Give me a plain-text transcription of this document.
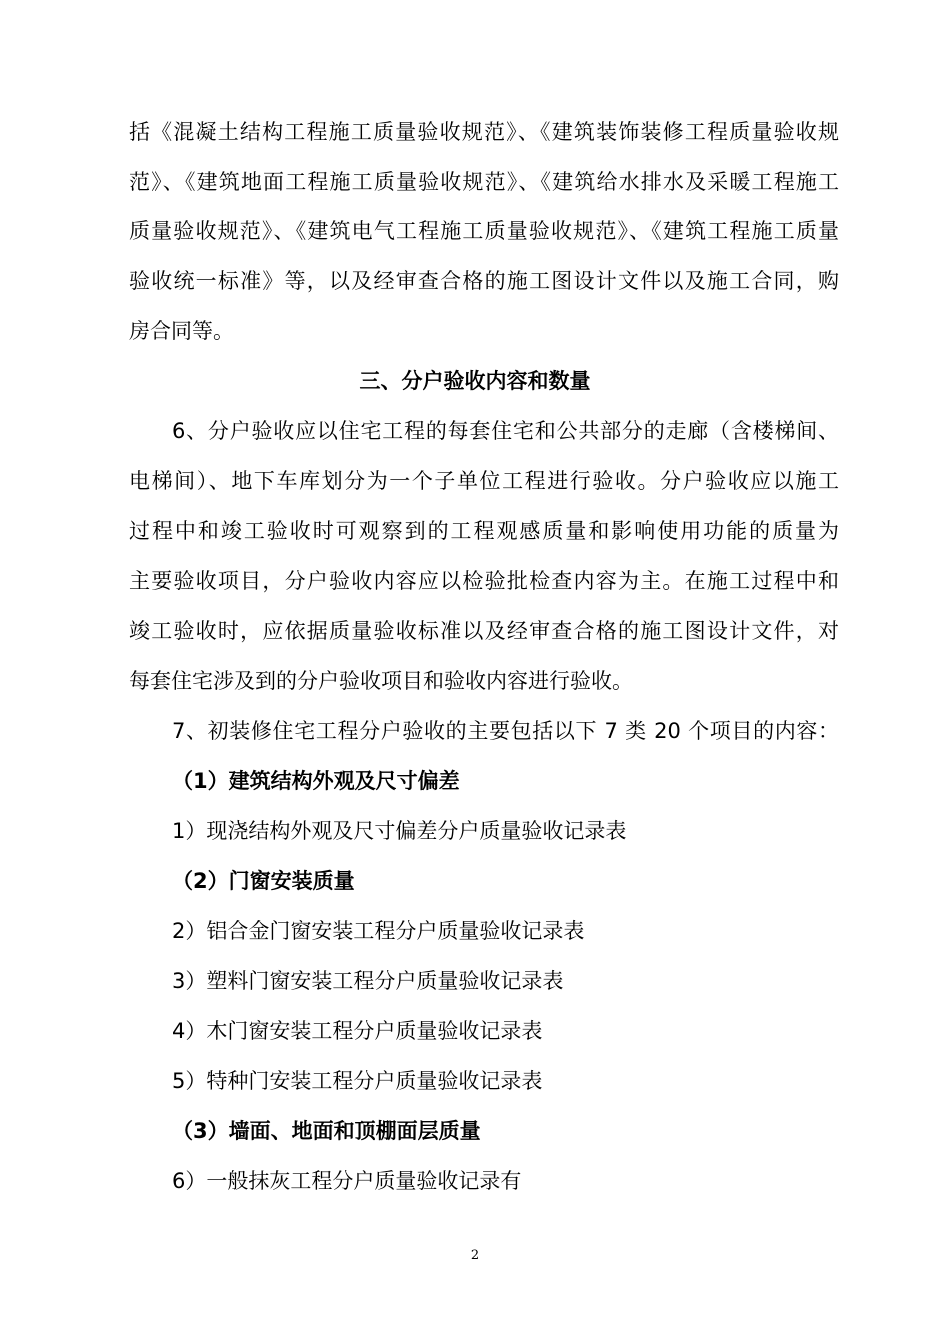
括《混凝土结构工程施工质量验收规范》、《建筑装饰装修工程质量验收规
范》、《建筑地面工程施工质量验收规范》、《建筑给水排水及采暖工程施工
质量验收规范》、《建筑电气工程施工质量验收规范》、《建筑工程施工质量
验收统一标准》等，以及经审查合格的施工图设计文件以及施工合同，购
房合同等。
三、分户验收内容和数量
6、分户验收应以住宅工程的每套住宅和公共部分的走廊（含楼梯间、
电梯间）、地下车库划分为一个子单位工程进行验收。分户验收应以施工
过程中和竣工验收时可观察到的工程观感质量和影响使用功能的质量为
主要验收项目，分户验收内容应以检验批检查内容为主。在施工过程中和
竣工验收时，应依据质量验收标准以及经审查合格的施工图设计文件，对
每套住宅涉及到的分户验收项目和验收内容进行验收。
7、初装修住宅工程分户验收的主要包括以下 7 类 20 个项目的内容：
（1）建筑结构外观及尺寸偏差
1）现浇结构外观及尺寸偏差分户质量验收记录表
（2）门窗安装质量
2）铝合金门窗安装工程分户质量验收记录表
3）塑料门窗安装工程分户质量验收记录表
4）木门窗安装工程分户质量验收记录表
5）特种门安装工程分户质量验收记录表
（3）墙面、地面和顶棚面层质量
6）一般抹灰工程分户质量验收记录有
2
